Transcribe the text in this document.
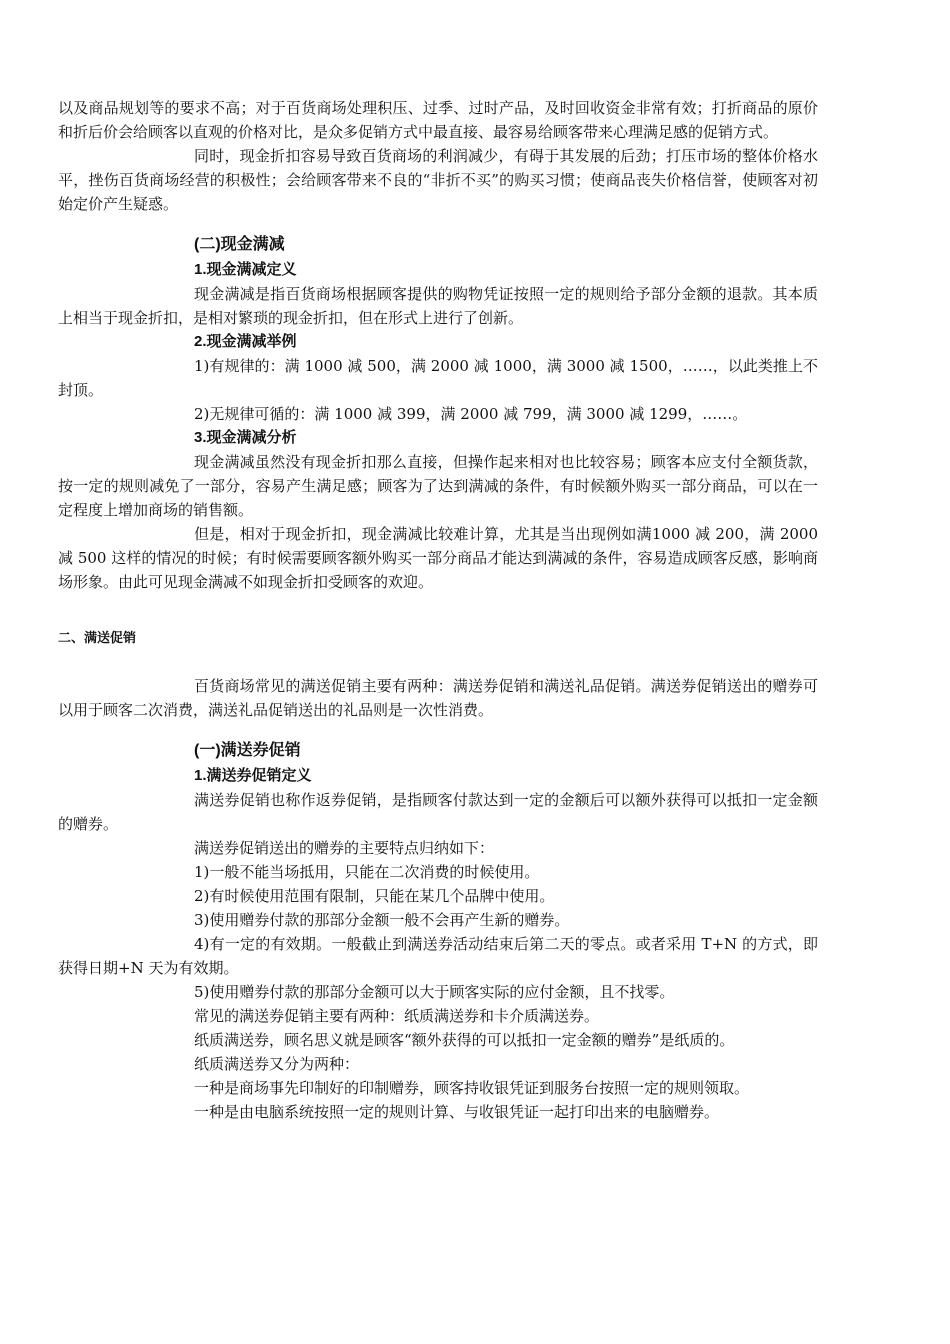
以及商品规划等的要求不高；对于百货商场处理积压、过季、过时产品，及时回收资金非常有效；打折商品的原价和折后价会给顾客以直观的价格对比，是众多促销方式中最直接、最容易给顾客带来心理满足感的促销方式。

同时，现金折扣容易导致百货商场的利润减少，有碍于其发展的后劲；打压市场的整体价格水平，挫伤百货商场经营的积极性；会给顾客带来不良的“非折不买”的购买习惯；使商品丧失价格信誉，使顾客对初始定价产生疑惑。

(二)现金满减

1.现金满减定义

现金满减是指百货商场根据顾客提供的购物凭证按照一定的规则给予部分金额的退款。其本质上相当于现金折扣，是相对繁琐的现金折扣，但在形式上进行了创新。

2.现金满减举例

1)有规律的：满 1000 减 500，满 2000 减 1000，满 3000 减 1500，……，以此类推上不封顶。

2)无规律可循的：满 1000 减 399，满 2000 减 799，满 3000 减 1299，……。

3.现金满减分析

现金满减虽然没有现金折扣那么直接，但操作起来相对也比较容易；顾客本应支付全额货款，按一定的规则减免了一部分，容易产生满足感；顾客为了达到满减的条件，有时候额外购买一部分商品，可以在一定程度上增加商场的销售额。

但是，相对于现金折扣，现金满减比较难计算，尤其是当出现例如满1000 减 200，满 2000 减 500 这样的情况的时候；有时候需要顾客额外购买一部分商品才能达到满减的条件，容易造成顾客反感，影响商场形象。由此可见现金满减不如现金折扣受顾客的欢迎。

二、满送促销

百货商场常见的满送促销主要有两种：满送券促销和满送礼品促销。满送券促销送出的赠券可以用于顾客二次消费，满送礼品促销送出的礼品则是一次性消费。

(一)满送券促销

1.满送券促销定义

满送券促销也称作返券促销，是指顾客付款达到一定的金额后可以额外获得可以抵扣一定金额的赠券。

满送券促销送出的赠券的主要特点归纳如下：

1)一般不能当场抵用，只能在二次消费的时候使用。

2)有时候使用范围有限制，只能在某几个品牌中使用。

3)使用赠券付款的那部分金额一般不会再产生新的赠券。

4)有一定的有效期。一般截止到满送券活动结束后第二天的零点。或者采用 T+N 的方式，即获得日期+N 天为有效期。

5)使用赠券付款的那部分金额可以大于顾客实际的应付金额，且不找零。

常见的满送券促销主要有两种：纸质满送券和卡介质满送券。

纸质满送券，顾名思义就是顾客“额外获得的可以抵扣一定金额的赠券”是纸质的。

纸质满送券又分为两种：

一种是商场事先印制好的印制赠券，顾客持收银凭证到服务台按照一定的规则领取。

一种是由电脑系统按照一定的规则计算、与收银凭证一起打印出来的电脑赠券。
